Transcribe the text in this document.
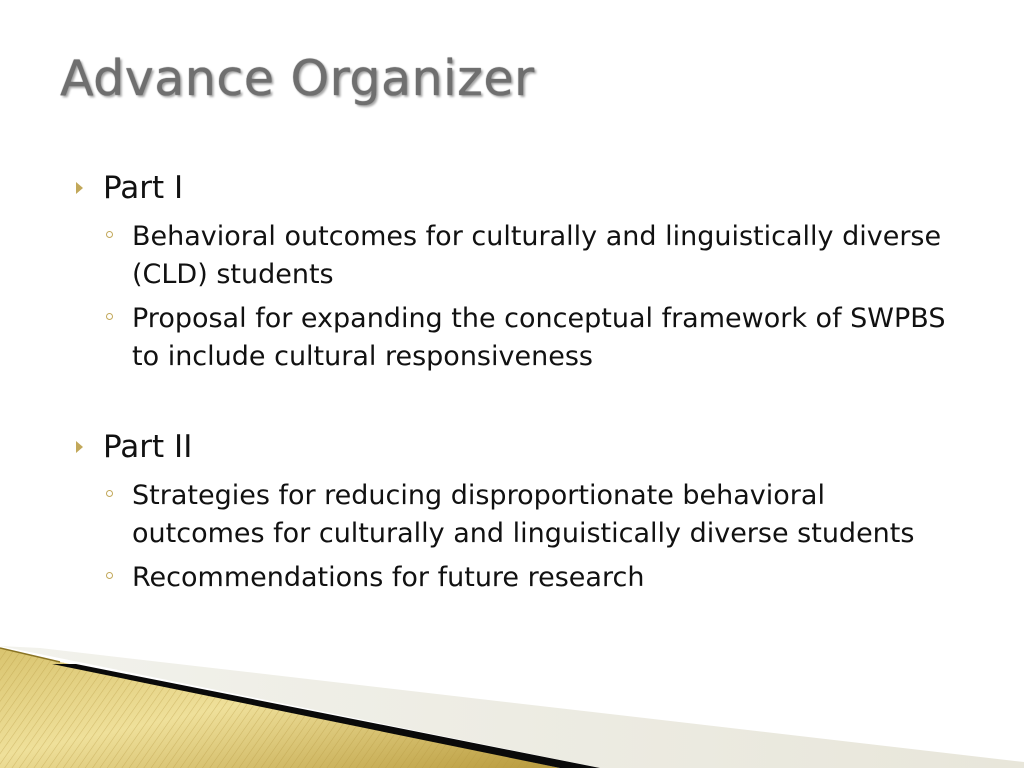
Advance Organizer
Part I
Behavioral outcomes for culturally and linguistically diverse (CLD) students
Proposal for expanding the conceptual framework of SWPBS to include cultural responsiveness
Part II
Strategies for reducing disproportionate behavioral outcomes for culturally and linguistically diverse students
Recommendations for future research
